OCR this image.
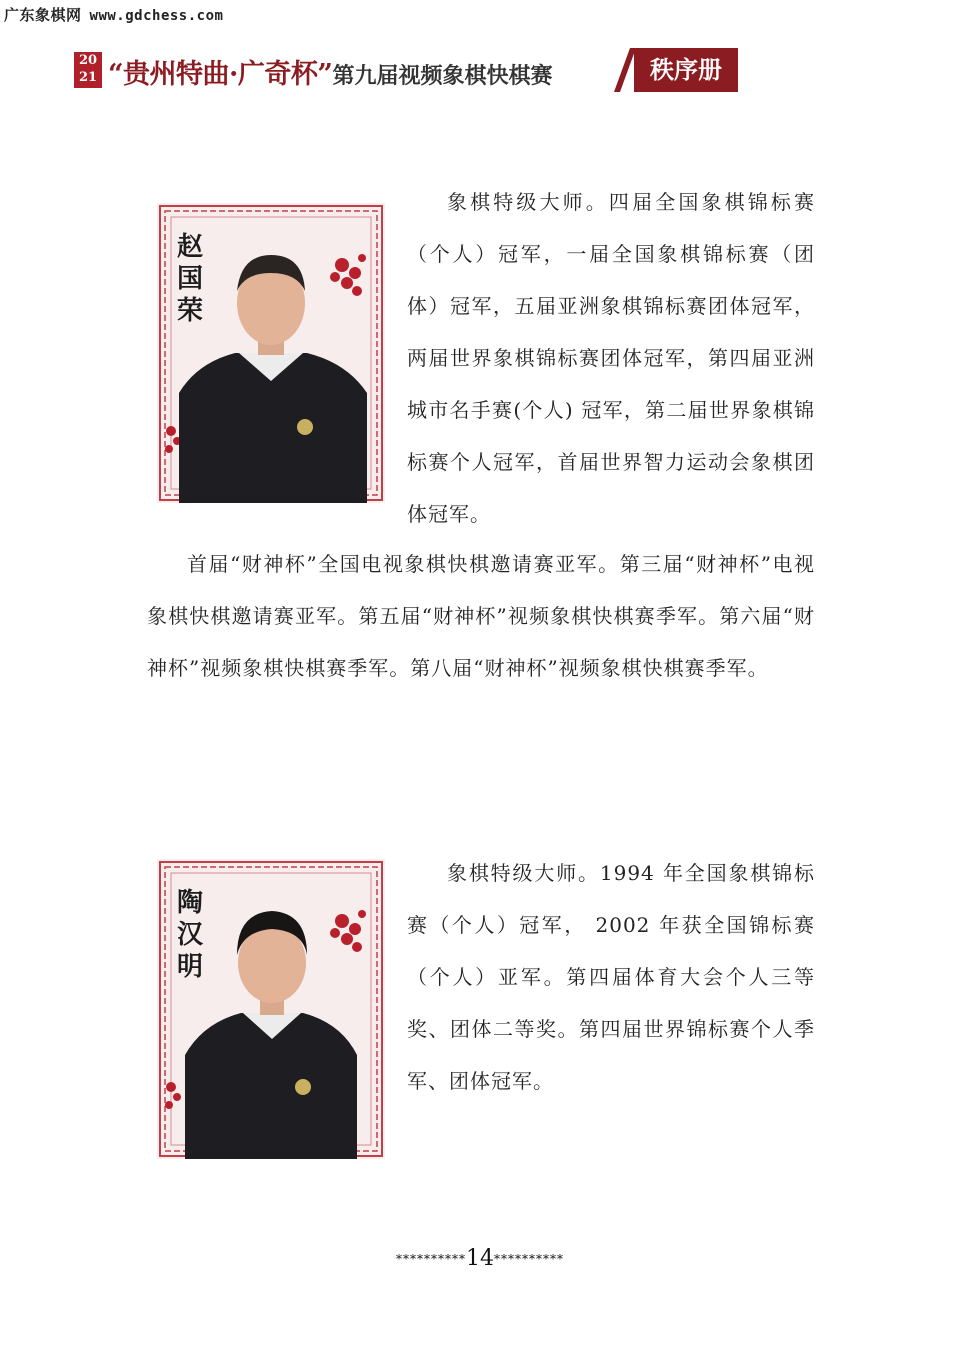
广东象棋网 www.gdchess.com
20
21 “贵州特曲·广奇杯”第九届视频象棋快棋赛	秩序册
赵国荣

象棋特级大师。四届全国象棋锦标赛（个人）冠军，一届全国象棋锦标赛（团体）冠军，五届亚洲象棋锦标赛团体冠军，两届世界象棋锦标赛团体冠军，第四届亚洲城市名手赛(个人) 冠军，第二届世界象棋锦标赛个人冠军，首届世界智力运动会象棋团体冠军。

首届“财神杯”全国电视象棋快棋邀请赛亚军。第三届“财神杯”电视象棋快棋邀请赛亚军。第五届“财神杯”视频象棋快棋赛季军。第六届“财神杯”视频象棋快棋赛季军。第八届“财神杯”视频象棋快棋赛季军。

陶汉明

象棋特级大师。1994 年全国象棋锦标赛（个人）冠军， 2002 年获全国锦标赛（个人）亚军。第四届体育大会个人三等奖、团体二等奖。第四届世界锦标赛个人季军、团体冠军。

**********14**********
